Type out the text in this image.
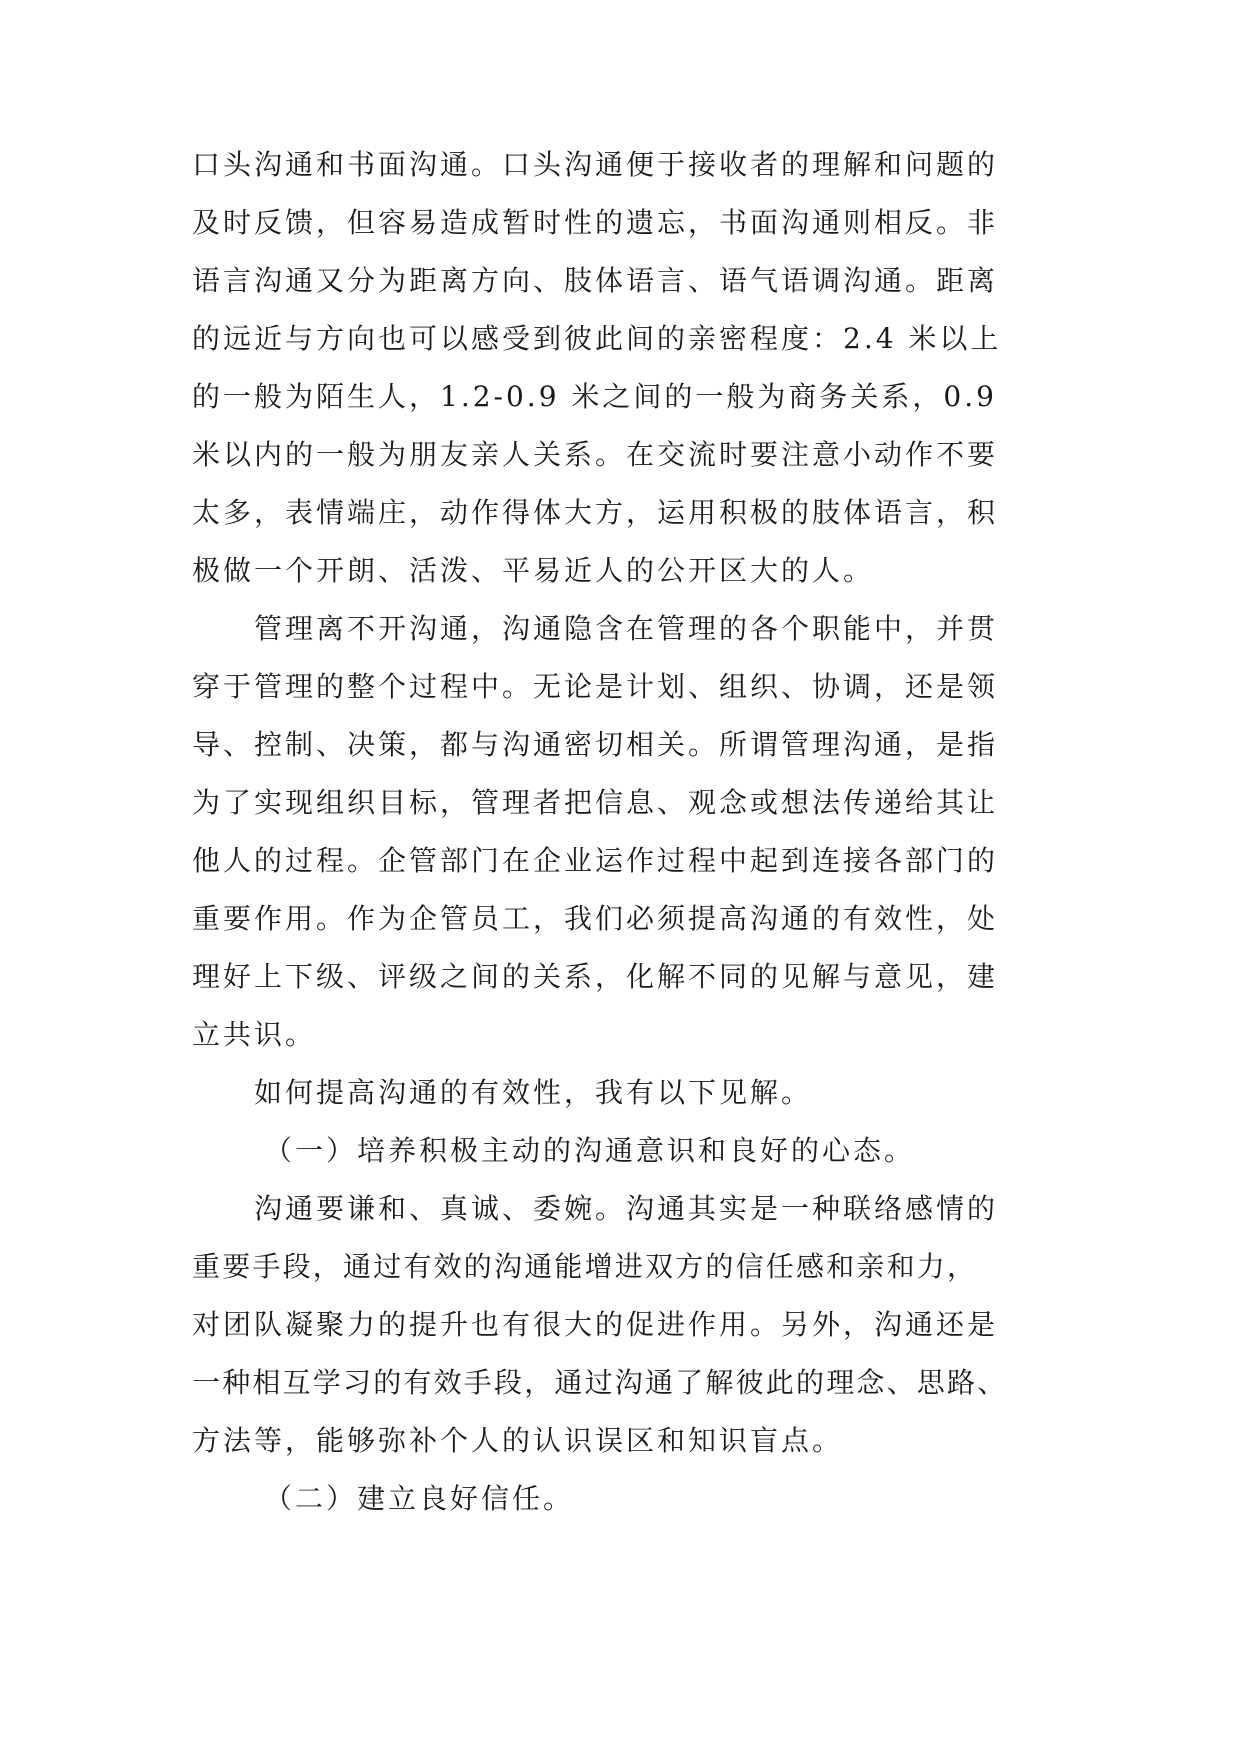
口头沟通和书面沟通。口头沟通便于接收者的理解和问题的
及时反馈，但容易造成暂时性的遗忘，书面沟通则相反。非
语言沟通又分为距离方向、肢体语言、语气语调沟通。距离
的远近与方向也可以感受到彼此间的亲密程度：2.4 米以上
的一般为陌生人，1.2-0.9 米之间的一般为商务关系，0.9
米以内的一般为朋友亲人关系。在交流时要注意小动作不要
太多，表情端庄，动作得体大方，运用积极的肢体语言，积
极做一个开朗、活泼、平易近人的公开区大的人。
管理离不开沟通，沟通隐含在管理的各个职能中，并贯
穿于管理的整个过程中。无论是计划、组织、协调，还是领
导、控制、决策，都与沟通密切相关。所谓管理沟通，是指
为了实现组织目标，管理者把信息、观念或想法传递给其让
他人的过程。企管部门在企业运作过程中起到连接各部门的
重要作用。作为企管员工，我们必须提高沟通的有效性，处
理好上下级、评级之间的关系，化解不同的见解与意见，建
立共识。
如何提高沟通的有效性，我有以下见解。
（一）培养积极主动的沟通意识和良好的心态。
沟通要谦和、真诚、委婉。沟通其实是一种联络感情的
重要手段，通过有效的沟通能增进双方的信任感和亲和力，
对团队凝聚力的提升也有很大的促进作用。另外，沟通还是
一种相互学习的有效手段，通过沟通了解彼此的理念、思路、
方法等，能够弥补个人的认识误区和知识盲点。
（二）建立良好信任。
